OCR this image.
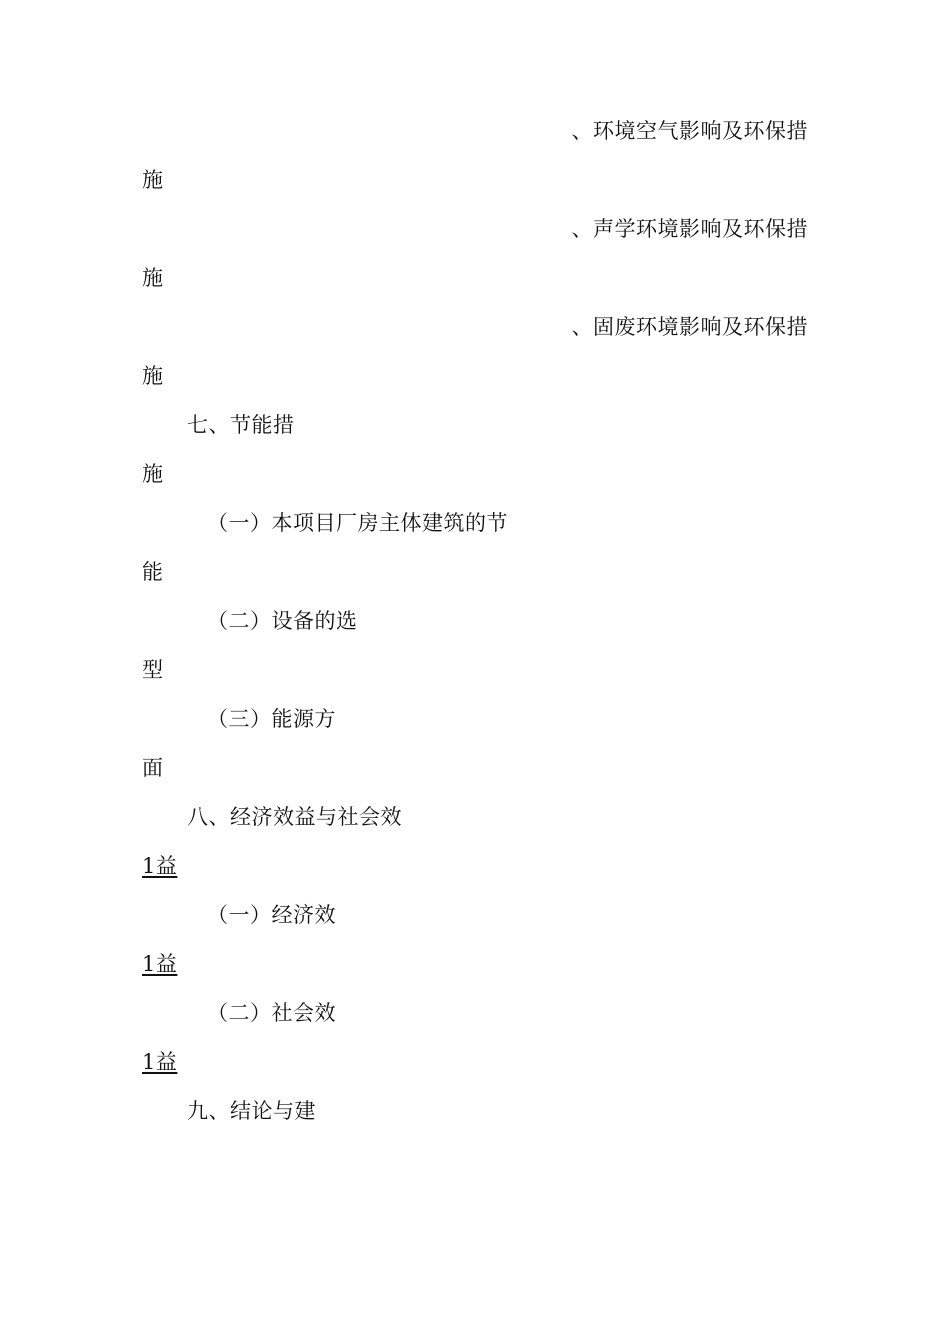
、环境空气影响及环保措
施
、声学环境影响及环保措
施
、固废环境影响及环保措
施
七、节能措
施
（一）本项目厂房主体建筑的节
能
（二）设备的选
型
（三）能源方
面
八、经济效益与社会效
1益
（一）经济效
1益
（二）社会效
1益
九、结论与建
